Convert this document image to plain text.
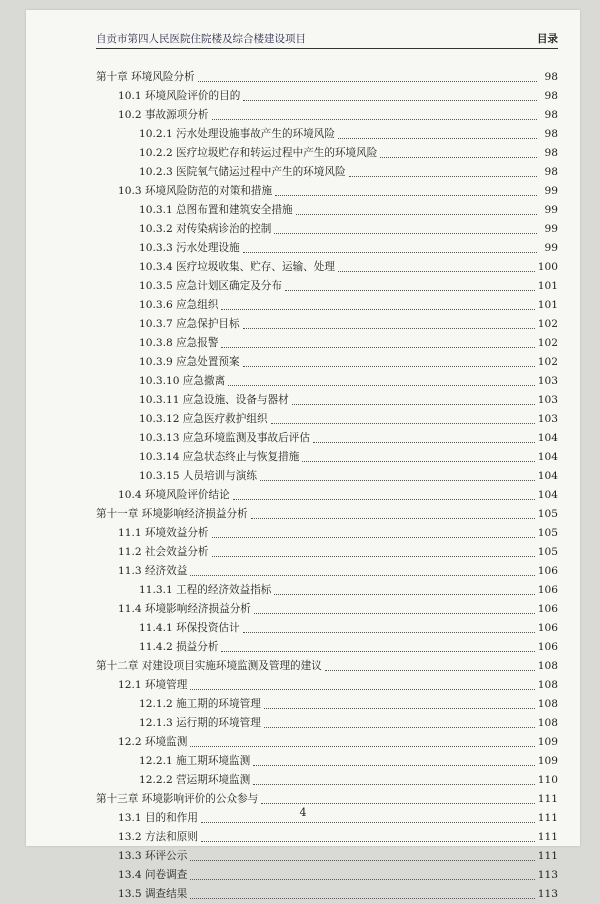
自贡市第四人民医院住院楼及综合楼建设项目	目录
第十章 环境风险分析	98
10.1 环境风险评价的目的	98
10.2 事故源项分析	98
10.2.1 污水处理设施事故产生的环境风险	98
10.2.2 医疗垃圾贮存和转运过程中产生的环境风险	98
10.2.3 医院氧气储运过程中产生的环境风险	98
10.3 环境风险防范的对策和措施	99
10.3.1 总图布置和建筑安全措施	99
10.3.2 对传染病诊治的控制	99
10.3.3 污水处理设施	99
10.3.4 医疗垃圾收集、贮存、运输、处理	100
10.3.5 应急计划区确定及分布	101
10.3.6 应急组织	101
10.3.7 应急保护目标	102
10.3.8 应急报警	102
10.3.9 应急处置预案	102
10.3.10 应急撤离	103
10.3.11 应急设施、设备与器材	103
10.3.12 应急医疗救护组织	103
10.3.13 应急环境监测及事故后评估	104
10.3.14 应急状态终止与恢复措施	104
10.3.15 人员培训与演练	104
10.4 环境风险评价结论	104
第十一章 环境影响经济损益分析	105
11.1 环境效益分析	105
11.2 社会效益分析	105
11.3 经济效益	106
11.3.1 工程的经济效益指标	106
11.4 环境影响经济损益分析	106
11.4.1 环保投资估计	106
11.4.2 损益分析	106
第十二章 对建设项目实施环境监测及管理的建议	108
12.1 环境管理	108
12.1.2 施工期的环境管理	108
12.1.3 运行期的环境管理	108
12.2 环境监测	109
12.2.1 施工期环境监测	109
12.2.2 营运期环境监测	110
第十三章 环境影响评价的公众参与	111
13.1 目的和作用	111
13.2 方法和原则	111
13.3 环评公示	111
13.4 问卷调查	113
13.5 调查结果	113
4
